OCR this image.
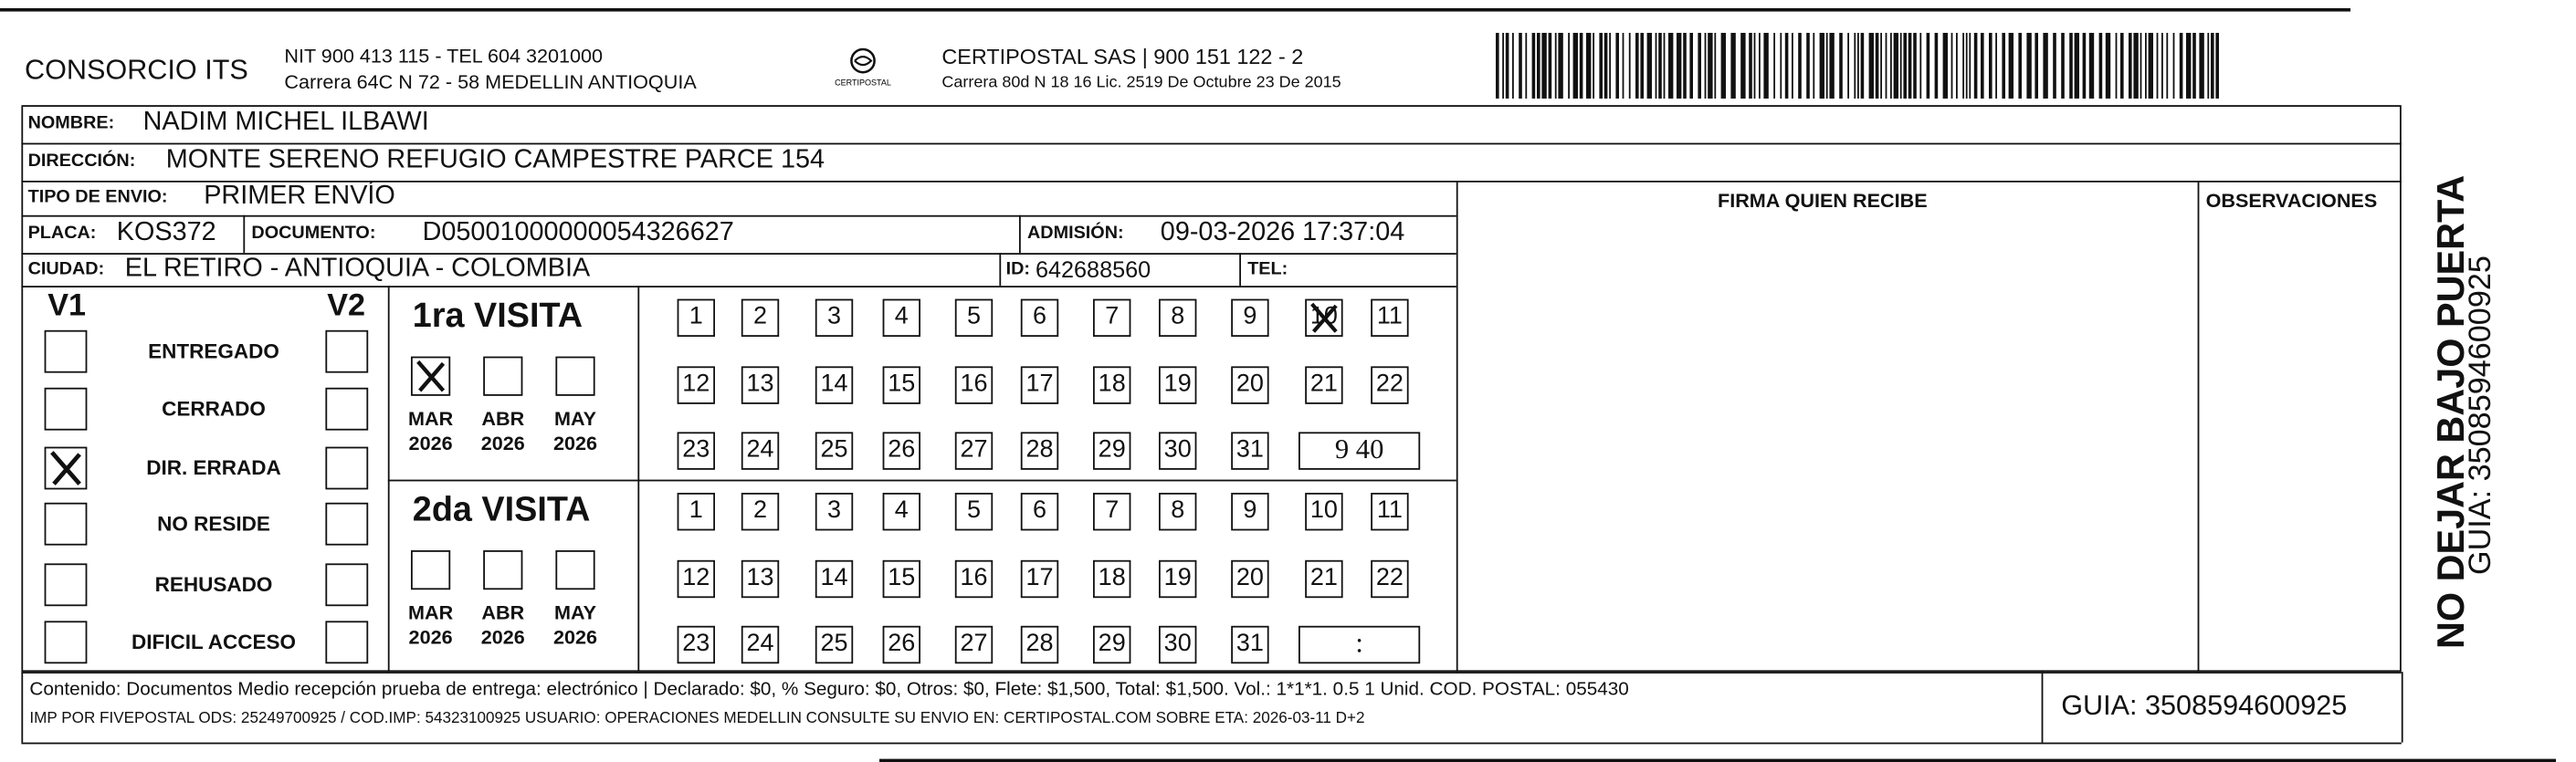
CONSORCIO ITS	NIT 900 413 115 - TEL 604 3201000
Carrera 64C N 72 - 58 MEDELLIN ANTIOQUIA	CERTIPOSTAL
CERTIPOSTAL SAS | 900 151 122 - 2
Carrera 80d N 18 16 Lic. 2519 De Octubre 23 De 2015
NOMBRE: NADIM MICHEL ILBAWI
DIRECCIÓN: MONTE SERENO REFUGIO CAMPESTRE PARCE 154
TIPO DE ENVIO: PRIMER ENVÍO
PLACA: KOS372	DOCUMENTO:	D05001000000054326627	ADMISIÓN:	09-03-2026 17:37:04
CIUDAD: EL RETIRO - ANTIOQUIA - COLOMBIA	ID: 642688560	TEL:
FIRMA QUIEN RECIBE	OBSERVACIONES
V1	V2
ENTREGADO
CERRADO
DIR. ERRADA
NO RESIDE
REHUSADO
DIFICIL ACCESO
1ra VISITA
2da VISITA
MAR
2026
ABR
2026
MAY
2026
1	2	3	4	5	6	7	8	9	10	11
12	13	14	15	16	17	18	19	20	21	22
23	24	25	26	27	28	29	30	31	9 40
MAR
2026
ABR
2026
MAY
2026
1	2	3	4	5	6	7	8	9	10	11
12	13	14	15	16	17	18	19	20	21	22
23	24	25	26	27	28	29	30	31	:
Contenido: Documentos Medio recepción prueba de entrega: electrónico | Declarado: $0, % Seguro: $0, Otros: $0, Flete: $1,500, Total: $1,500. Vol.: 1*1*1. 0.5 1 Unid. COD. POSTAL: 055430
IMP POR FIVEPOSTAL ODS: 25249700925 / COD.IMP: 54323100925 USUARIO: OPERACIONES MEDELLIN CONSULTE SU ENVIO EN: CERTIPOSTAL.COM SOBRE ETA: 2026-03-11 D+2	GUIA: 3508594600925
NO DEJAR BAJO PUERTA
GUIA: 3508594600925
